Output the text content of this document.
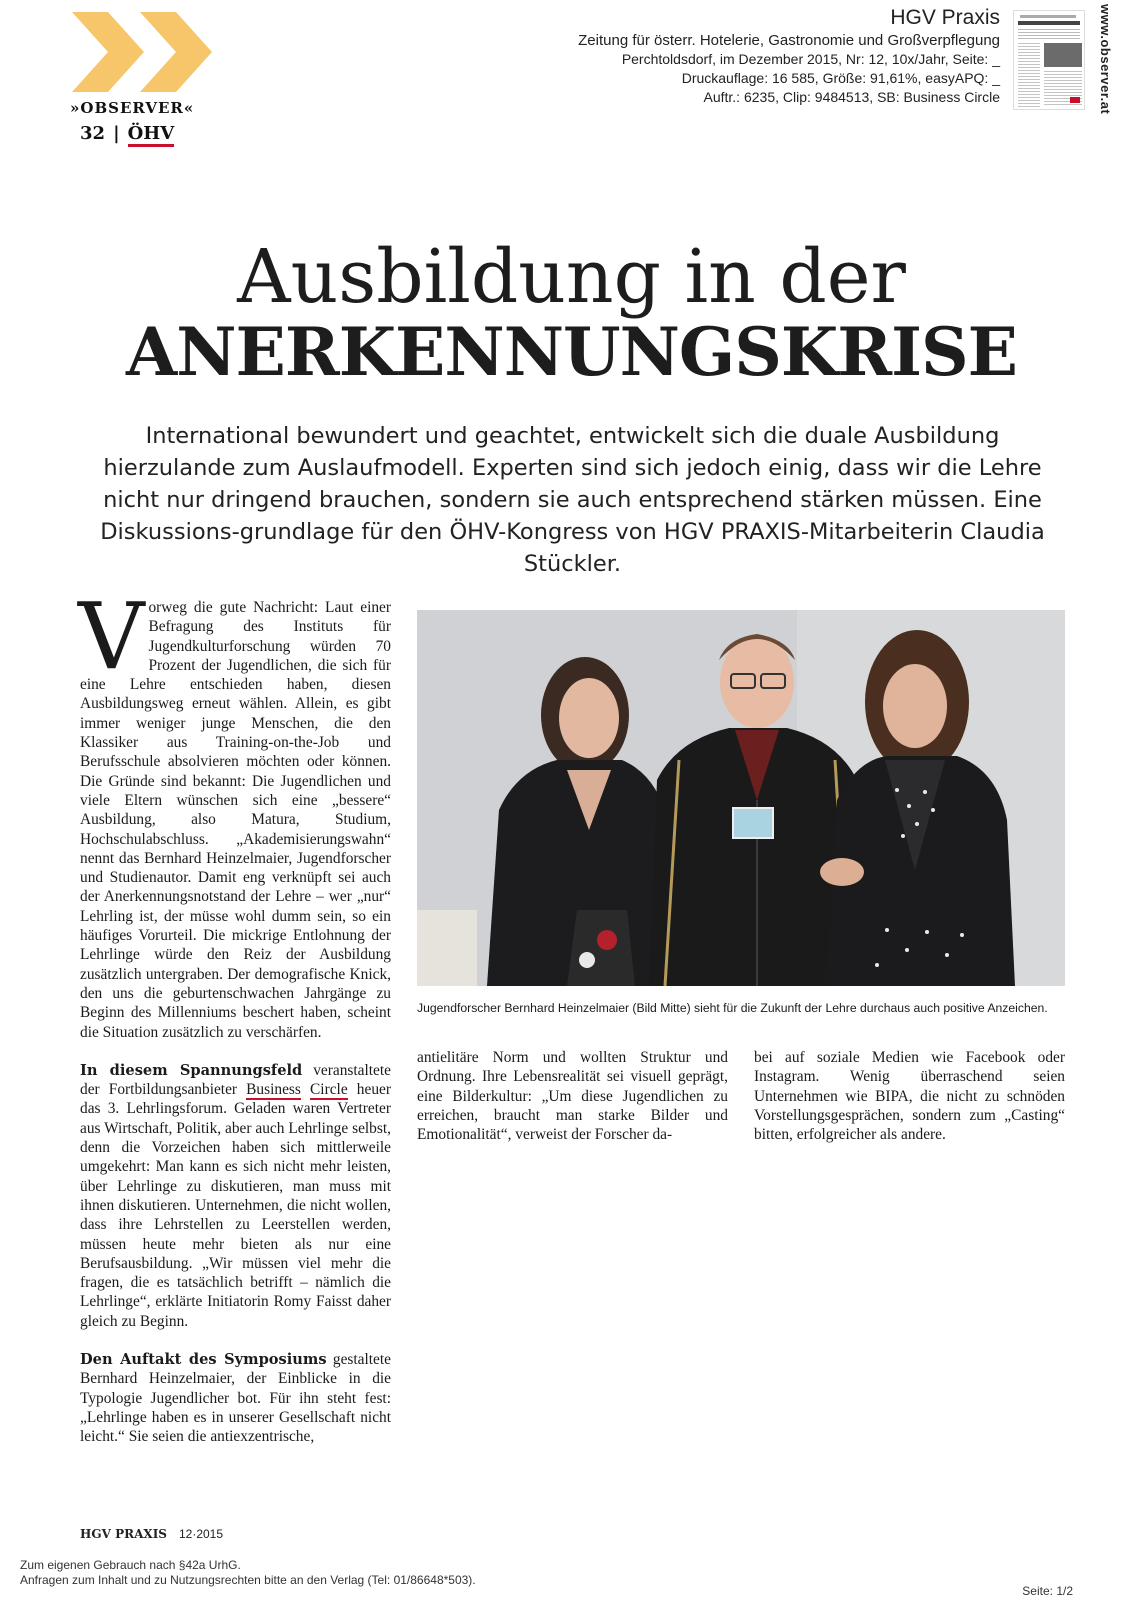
»OBSERVER«
32 | ÖHV
HGV Praxis
Zeitung für österr. Hotelerie, Gastronomie und Großverpflegung
Perchtoldsdorf, im Dezember 2015, Nr: 12, 10x/Jahr, Seite: _
Druckauflage: 16 585, Größe: 91,61%, easyAPQ: _
Auftr.: 6235, Clip: 9484513, SB: Business Circle	www.observer.at
Ausbildung in der
ANERKENNUNGSKRISE

International bewundert und geachtet, entwickelt sich die duale Ausbildung hierzulande zum Auslaufmodell. Experten sind sich jedoch einig, dass wir die Lehre nicht nur dringend brauchen, sondern sie auch entsprechend stärken müssen. Eine Diskussions-grundlage für den ÖHV-Kongress von HGV PRAXIS-Mitarbeiterin Claudia Stückler.

Vorweg die gute Nachricht: Laut einer Befragung des Instituts für Jugendkulturforschung würden 70 Prozent der Jugendlichen, die sich für eine Lehre entschieden haben, diesen Ausbildungsweg erneut wählen. Allein, es gibt immer weniger junge Menschen, die den Klassiker aus Training-on-the-Job und Berufsschule absolvieren möchten oder können. Die Gründe sind bekannt: Die Jugendlichen und viele Eltern wünschen sich eine „bessere“ Ausbildung, also Matura, Studium, Hochschulabschluss. „Akademisierungswahn“ nennt das Bernhard Heinzelmaier, Jugendforscher und Studienautor. Damit eng verknüpft sei auch der Anerkennungsnotstand der Lehre – wer „nur“ Lehrling ist, der müsse wohl dumm sein, so ein häufiges Vorurteil. Die mickrige Entlohnung der Lehrlinge würde den Reiz der Ausbildung zusätzlich untergraben. Der demografische Knick, den uns die geburtenschwachen Jahrgänge zu Beginn des Millenniums beschert haben, scheint die Situation zusätzlich zu verschärfen.

In diesem Spannungsfeld veranstaltete der Fortbildungsanbieter Business Circle heuer das 3. Lehrlingsforum. Geladen waren Vertreter aus Wirtschaft, Politik, aber auch Lehrlinge selbst, denn die Vorzeichen haben sich mittlerweile umgekehrt: Man kann es sich nicht mehr leisten, über Lehrlinge zu diskutieren, man muss mit ihnen diskutieren. Unternehmen, die nicht wollen, dass ihre Lehrstellen zu Leerstellen werden, müssen heute mehr bieten als nur eine Berufsausbildung. „Wir müssen viel mehr die fragen, die es tatsächlich betrifft – nämlich die Lehrlinge“, erklärte Initiatorin Romy Faisst daher gleich zu Beginn.

Den Auftakt des Symposiums gestaltete Bernhard Heinzelmaier, der Einblicke in die Typologie Jugendlicher bot. Für ihn steht fest: „Lehrlinge haben es in unserer Gesellschaft nicht leicht.“ Sie seien die antiexzentrische,

Jugendforscher Bernhard Heinzelmaier (Bild Mitte) sieht für die Zukunft der Lehre durchaus auch positive Anzeichen.

antielitäre Norm und wollten Struktur und Ordnung. Ihre Lebensrealität sei visuell geprägt, eine Bilderkultur: „Um diese Jugendlichen zu erreichen, braucht man starke Bilder und Emotionalität“, verweist der Forscher da-

bei auf soziale Medien wie Facebook oder Instagram. Wenig überraschend seien Unternehmen wie BIPA, die nicht zu schnöden Vorstellungsgesprächen, sondern zum „Casting“ bitten, erfolgreicher als andere.

HGV PRAXIS 12·2015
Zum eigenen Gebrauch nach §42a UrhG.
Anfragen zum Inhalt und zu Nutzungsrechten bitte an den Verlag (Tel: 01/86648*503).
Seite: 1/2
